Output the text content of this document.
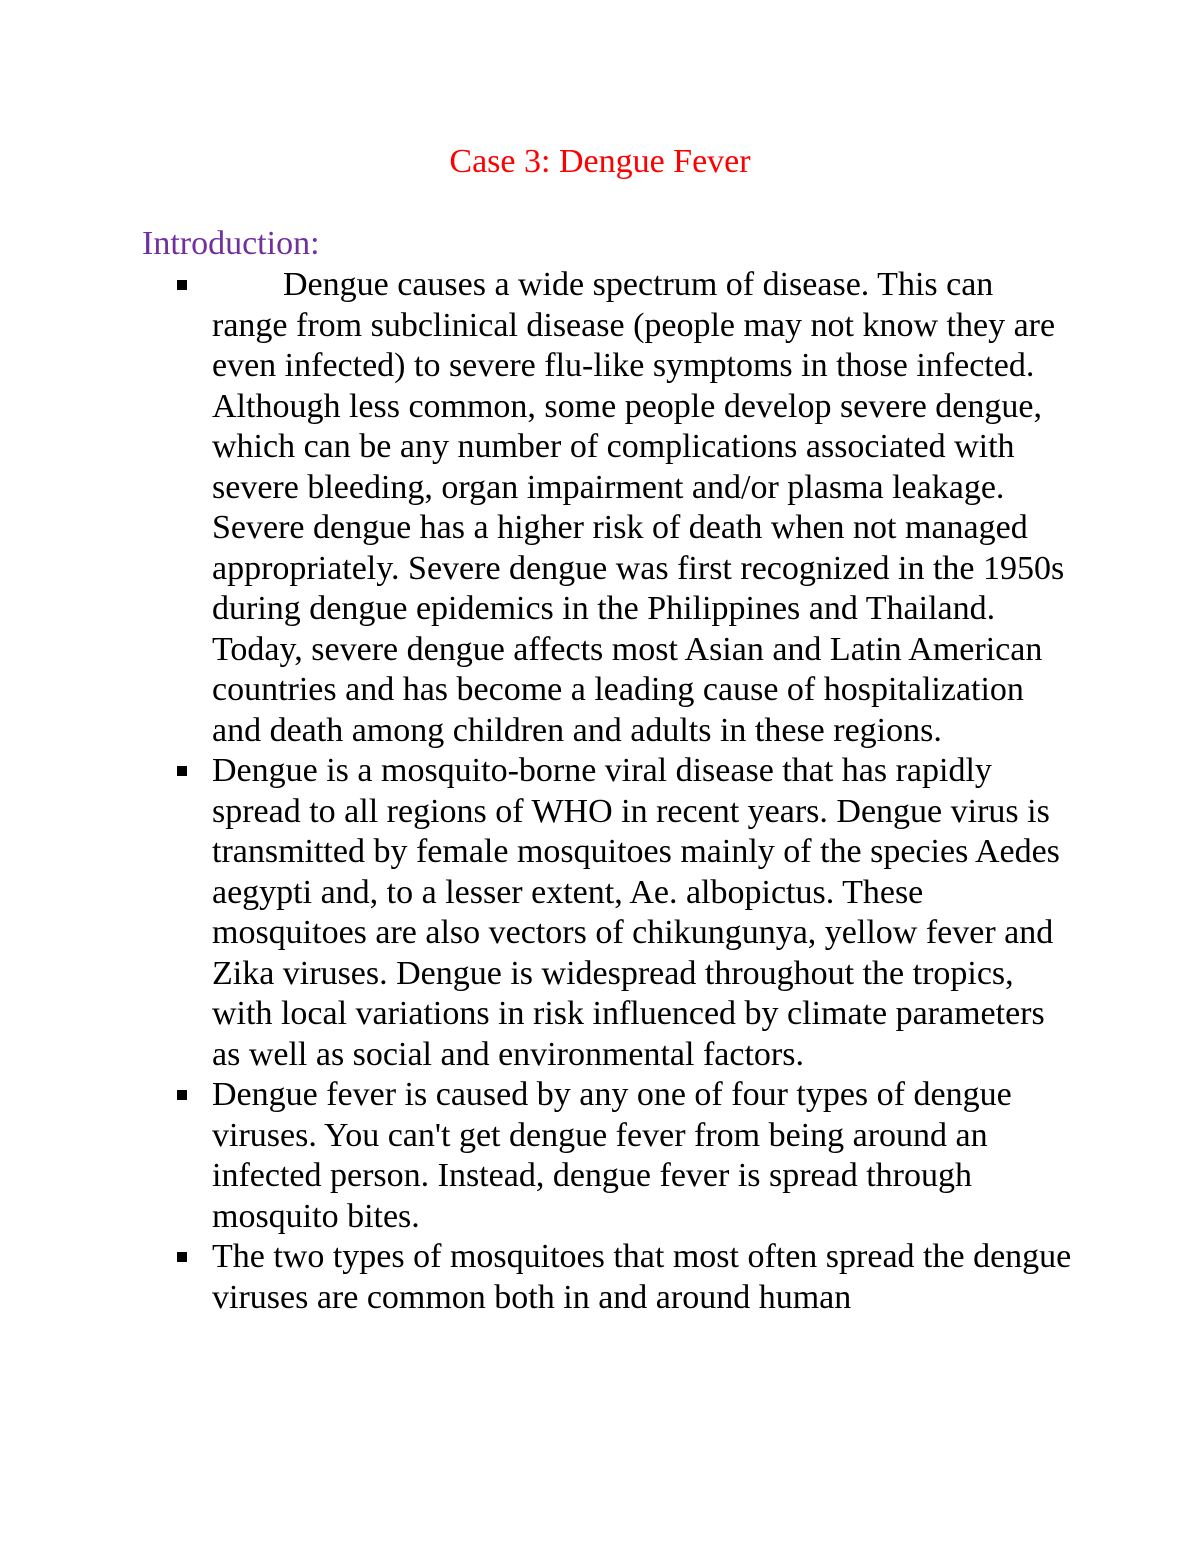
Case 3: Dengue Fever
Introduction:
Dengue causes a wide spectrum of disease. This can range from subclinical disease (people may not know they are even infected) to severe flu-like symptoms in those infected. Although less common, some people develop severe dengue, which can be any number of complications associated with severe bleeding, organ impairment and/or plasma leakage. Severe dengue has a higher risk of death when not managed appropriately. Severe dengue was first recognized in the 1950s during dengue epidemics in the Philippines and Thailand. Today, severe dengue affects most Asian and Latin American countries and has become a leading cause of hospitalization and death among children and adults in these regions.
Dengue is a mosquito-borne viral disease that has rapidly spread to all regions of WHO in recent years. Dengue virus is transmitted by female mosquitoes mainly of the species Aedes aegypti and, to a lesser extent, Ae. albopictus. These mosquitoes are also vectors of chikungunya, yellow fever and Zika viruses. Dengue is widespread throughout the tropics, with local variations in risk influenced by climate parameters as well as social and environmental factors.
Dengue fever is caused by any one of four types of dengue viruses. You can't get dengue fever from being around an infected person. Instead, dengue fever is spread through mosquito bites.
The two types of mosquitoes that most often spread the dengue viruses are common both in and around human
